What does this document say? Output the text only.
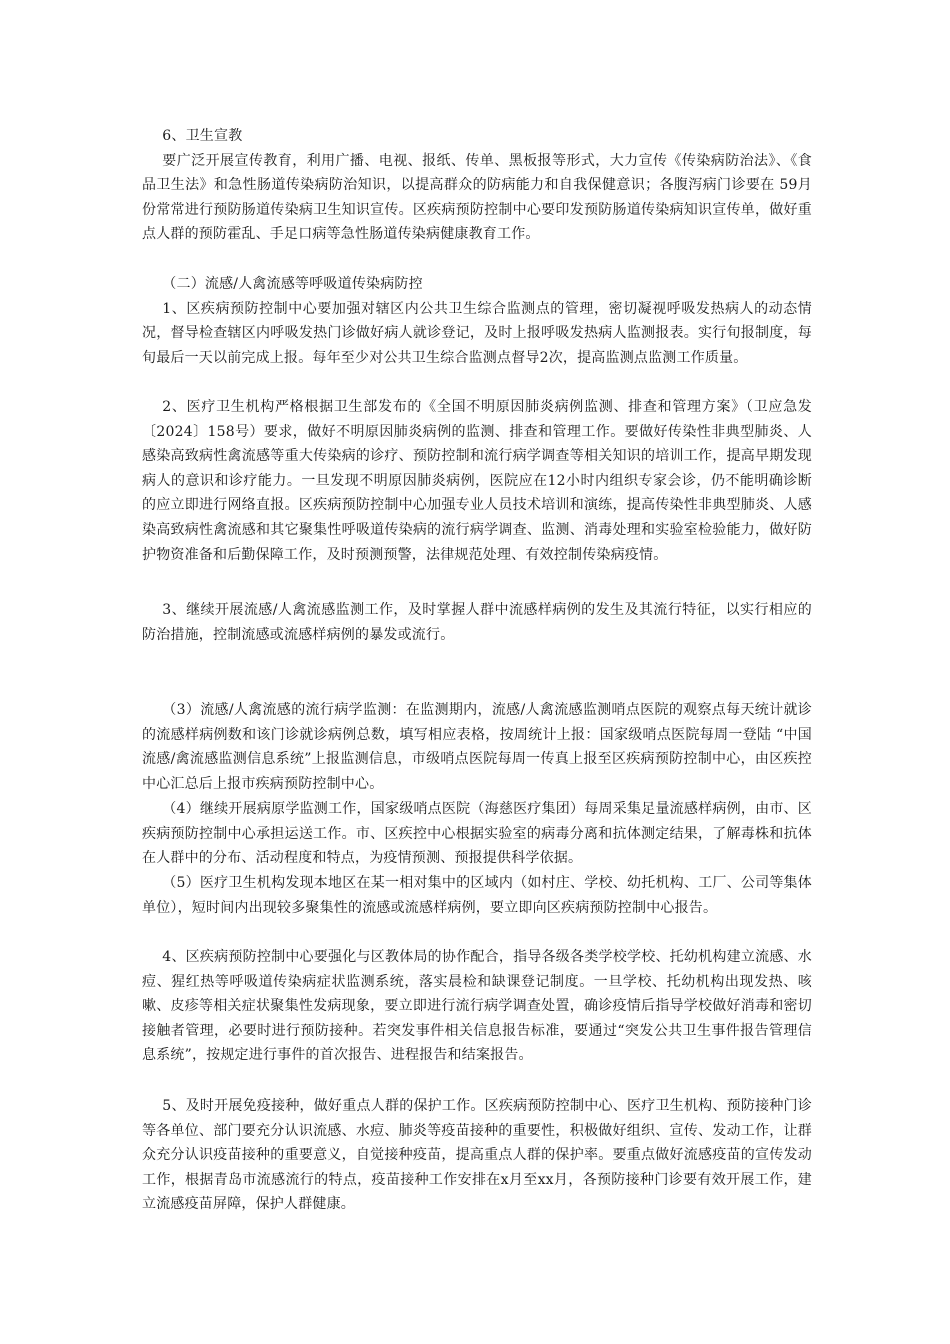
6、卫生宣教

要广泛开展宣传教育，利用广播、电视、报纸、传单、黑板报等形式，大力宣传《传染病防治法》、《食品卫生法》和急性肠道传染病防治知识，以提高群众的防病能力和自我保健意识；各腹泻病门诊要在 59月份常常进行预防肠道传染病卫生知识宣传。区疾病预防控制中心要印发预防肠道传染病知识宣传单，做好重点人群的预防霍乱、手足口病等急性肠道传染病健康教育工作。

（二）流感/人禽流感等呼吸道传染病防控

1、区疾病预防控制中心要加强对辖区内公共卫生综合监测点的管理，密切凝视呼吸发热病人的动态情况，督导检查辖区内呼吸发热门诊做好病人就诊登记，及时上报呼吸发热病人监测报表。实行旬报制度，每旬最后一天以前完成上报。每年至少对公共卫生综合监测点督导2次，提高监测点监测工作质量。

2、医疗卫生机构严格根据卫生部发布的《全国不明原因肺炎病例监测、排查和管理方案》（卫应急发〔2024〕158号）要求，做好不明原因肺炎病例的监测、排查和管理工作。要做好传染性非典型肺炎、人感染高致病性禽流感等重大传染病的诊疗、预防控制和流行病学调查等相关知识的培训工作，提高早期发现病人的意识和诊疗能力。一旦发现不明原因肺炎病例，医院应在12小时内组织专家会诊，仍不能明确诊断的应立即进行网络直报。区疾病预防控制中心加强专业人员技术培训和演练，提高传染性非典型肺炎、人感染高致病性禽流感和其它聚集性呼吸道传染病的流行病学调查、监测、消毒处理和实验室检验能力，做好防护物资准备和后勤保障工作，及时预测预警，法律规范处理、有效控制传染病疫情。

3、继续开展流感/人禽流感监测工作，及时掌握人群中流感样病例的发生及其流行特征，以实行相应的防治措施，控制流感或流感样病例的暴发或流行。

（3）流感/人禽流感的流行病学监测：在监测期内，流感/人禽流感监测哨点医院的观察点每天统计就诊的流感样病例数和该门诊就诊病例总数，填写相应表格，按周统计上报：国家级哨点医院每周一登陆 “中国流感/禽流感监测信息系统”上报监测信息，市级哨点医院每周一传真上报至区疾病预防控制中心，由区疾控中心汇总后上报市疾病预防控制中心。

（4）继续开展病原学监测工作，国家级哨点医院（海慈医疗集团）每周采集足量流感样病例，由市、区疾病预防控制中心承担运送工作。市、区疾控中心根据实验室的病毒分离和抗体测定结果，了解毒株和抗体在人群中的分布、活动程度和特点，为疫情预测、预报提供科学依据。

（5）医疗卫生机构发现本地区在某一相对集中的区域内（如村庄、学校、幼托机构、工厂、公司等集体单位），短时间内出现较多聚集性的流感或流感样病例，要立即向区疾病预防控制中心报告。

4、区疾病预防控制中心要强化与区教体局的协作配合，指导各级各类学校学校、托幼机构建立流感、水痘、猩红热等呼吸道传染病症状监测系统，落实晨检和缺课登记制度。一旦学校、托幼机构出现发热、咳嗽、皮疹等相关症状聚集性发病现象，要立即进行流行病学调查处置，确诊疫情后指导学校做好消毒和密切接触者管理，必要时进行预防接种。若突发事件相关信息报告标准，要通过“突发公共卫生事件报告管理信息系统”，按规定进行事件的首次报告、进程报告和结案报告。

5、及时开展免疫接种，做好重点人群的保护工作。区疾病预防控制中心、医疗卫生机构、预防接种门诊等各单位、部门要充分认识流感、水痘、肺炎等疫苗接种的重要性，积极做好组织、宣传、发动工作，让群众充分认识疫苗接种的重要意义，自觉接种疫苗，提高重点人群的保护率。要重点做好流感疫苗的宣传发动工作，根据青岛市流感流行的特点，疫苗接种工作安排在x月至xx月，各预防接种门诊要有效开展工作，建立流感疫苗屏障，保护人群健康。
